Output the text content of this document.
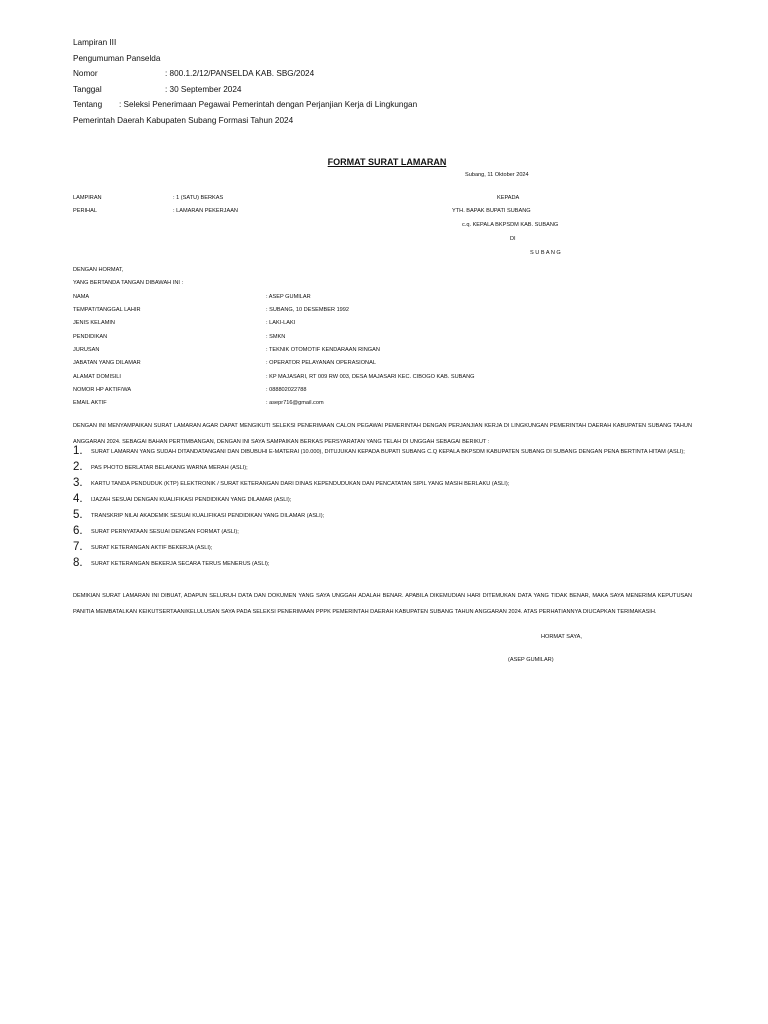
Lampiran III
Pengumuman Panselda
Nomor	: 800.1.2/12/PANSELDA KAB. SBG/2024
Tanggal	: 30 September 2024
Tentang : Seleksi Penerimaan Pegawai Pemerintah dengan Perjanjian Kerja di Lingkungan
Pemerintah Daerah Kabupaten Subang Formasi Tahun 2024
FORMAT SURAT LAMARAN
Subang, 11 Oktober 2024
LAMPIRAN	: 1 (SATU) BERKAS
PERIHAL	: LAMARAN PEKERJAAN
KEPADA
YTH. BAPAK BUPATI SUBANG
c.q. KEPALA BKPSDM KAB. SUBANG
DI
S U B A N G
DENGAN HORMAT,
YANG BERTANDA TANGAN DIBAWAH INI :
NAMA	: ASEP GUMILAR
TEMPAT/TANGGAL LAHIR	: SUBANG, 10 DESEMBER 1992
JENIS KELAMIN	: LAKI-LAKI
PENDIDIKAN	: SMKN
JURUSAN	: TEKNIK OTOMOTIF KENDARAAN RINGAN
JABATAN YANG DILAMAR	: OPERATOR PELAYANAN OPERASIONAL
ALAMAT DOMISILI	: KP MAJASARI, RT 009 RW 003, DESA MAJASARI KEC. CIBOGO KAB. SUBANG
NOMOR HP AKTIF/WA	: 088802022788
EMAIL AKTIF	: asepr716@gmail.com
DENGAN INI MENYAMPAIKAN SURAT LAMARAN AGAR DAPAT MENGIKUTI SELEKSI PENERIMAAN CALON PEGAWAI PEMERINTAH DENGAN PERJANJIAN KERJA DI LINGKUNGAN PEMERINTAH DAERAH KABUPATEN SUBANG TAHUN ANGGARAN 2024. SEBAGAI BAHAN PERTIMBANGAN, DENGAN INI SAYA SAMPAIKAN BERKAS PERSYARATAN YANG TELAH DI UNGGAH SEBAGAI BERIKUT :
1.	SURAT LAMARAN YANG SUDAH DITANDATANGANI DAN DIBUBUHI E-MATERAI (10.000), DITUJUKAN KEPADA BUPATI SUBANG C.Q KEPALA BKPSDM KABUPATEN SUBANG DI SUBANG DENGAN PENA BERTINTA HITAM (ASLI);
2.	PAS PHOTO BERLATAR BELAKANG WARNA MERAH (ASLI);
3.	KARTU TANDA PENDUDUK (KTP) ELEKTRONIK / SURAT KETERANGAN DARI DINAS KEPENDUDUKAN DAN PENCATATAN SIPIL YANG MASIH BERLAKU (ASLI);
4.	IJAZAH SESUAI DENGAN KUALIFIKASI PENDIDIKAN YANG DILAMAR (ASLI);
5.	TRANSKRIP NILAI AKADEMIK SESUAI KUALIFIKASI PENDIDIKAN YANG DILAMAR (ASLI);
6.	SURAT PERNYATAAN SESUAI DENGAN FORMAT (ASLI);
7.	SURAT KETERANGAN AKTIF BEKERJA (ASLI);
8.	SURAT KETERANGAN BEKERJA SECARA TERUS MENERUS (ASLI);
DEMIKIAN SURAT LAMARAN INI DIBUAT, ADAPUN SELURUH DATA DAN DOKUMEN YANG SAYA UNGGAH ADALAH BENAR. APABILA DIKEMUDIAN HARI DITEMUKAN DATA YANG TIDAK BENAR, MAKA SAYA MENERIMA KEPUTUSAN PANITIA MEMBATALKAN KEIKUTSERTAAN/KELULUSAN SAYA PADA SELEKSI PENERIMAAN PPPK PEMERINTAH DAERAH KABUPATEN SUBANG TAHUN ANGGARAN 2024. ATAS PERHATIANNYA DIUCAPKAN TERIMAKASIH.
HORMAT SAYA,
(ASEP GUMILAR)
